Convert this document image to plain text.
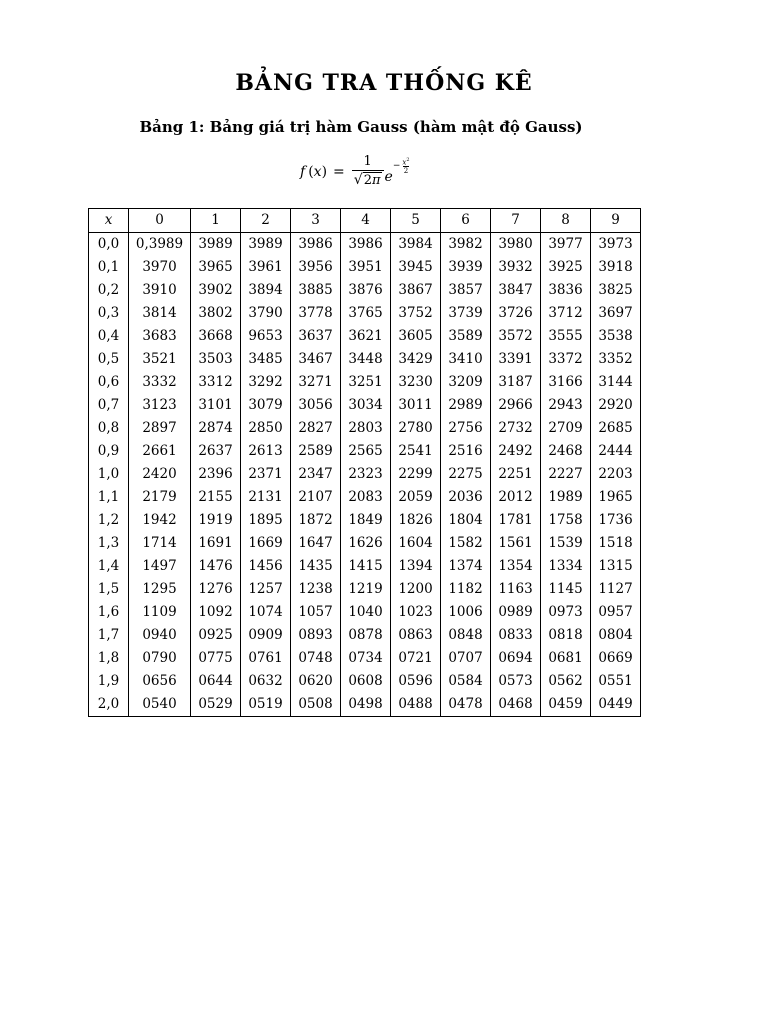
BẢNG TRA THỐNG KÊ
Bảng 1: Bảng giá trị hàm Gauss (hàm mật độ Gauss)
f ( x ) = $\frac{1}{√2\pi}$ e
− $\frac{x^2}{2}$
x	0	1	2	3	4	5	6	7	8	9
0,0	0,3989	3989	3989	3986	3986	3984	3982	3980	3977	3973
0,1	3970	3965	3961	3956	3951	3945	3939	3932	3925	3918
0,2	3910	3902	3894	3885	3876	3867	3857	3847	3836	3825
0,3	3814	3802	3790	3778	3765	3752	3739	3726	3712	3697
0,4	3683	3668	9653	3637	3621	3605	3589	3572	3555	3538
0,5	3521	3503	3485	3467	3448	3429	3410	3391	3372	3352
0,6	3332	3312	3292	3271	3251	3230	3209	3187	3166	3144
0,7	3123	3101	3079	3056	3034	3011	2989	2966	2943	2920
0,8	2897	2874	2850	2827	2803	2780	2756	2732	2709	2685
0,9	2661	2637	2613	2589	2565	2541	2516	2492	2468	2444
1,0	2420	2396	2371	2347	2323	2299	2275	2251	2227	2203
1,1	2179	2155	2131	2107	2083	2059	2036	2012	1989	1965
1,2	1942	1919	1895	1872	1849	1826	1804	1781	1758	1736
1,3	1714	1691	1669	1647	1626	1604	1582	1561	1539	1518
1,4	1497	1476	1456	1435	1415	1394	1374	1354	1334	1315
1,5	1295	1276	1257	1238	1219	1200	1182	1163	1145	1127
1,6	1109	1092	1074	1057	1040	1023	1006	0989	0973	0957
1,7	0940	0925	0909	0893	0878	0863	0848	0833	0818	0804
1,8	0790	0775	0761	0748	0734	0721	0707	0694	0681	0669
1,9	0656	0644	0632	0620	0608	0596	0584	0573	0562	0551
2,0	0540	0529	0519	0508	0498	0488	0478	0468	0459	0449
